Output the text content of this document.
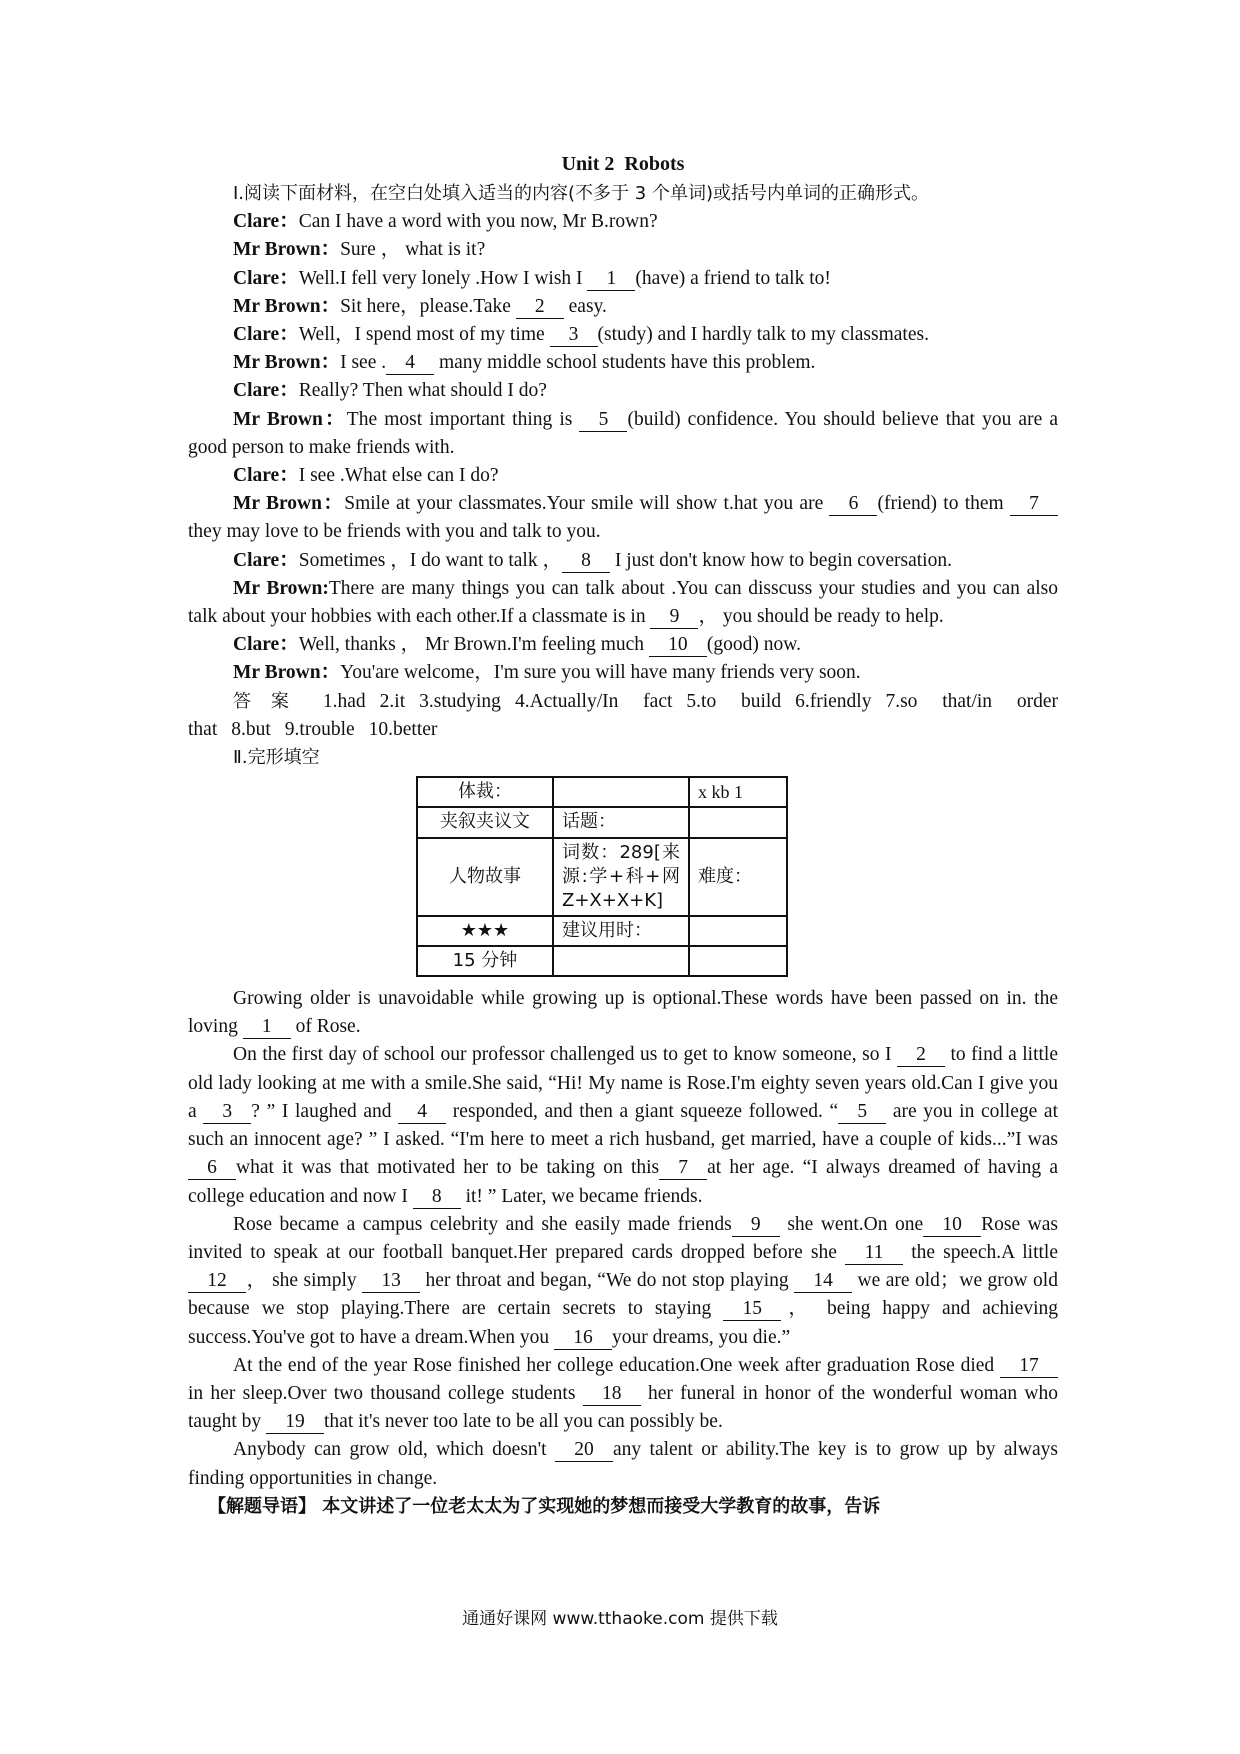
Unit 2 Robots

Ⅰ.阅读下面材料，在空白处填入适当的内容(不多于 3 个单词)或括号内单词的正确形式。

Clare：Can I have a word with you now, Mr B.rown?

Mr Brown：Sure ， what is it?

Clare：Well.I fell very lonely .How I wish I 1 (have) a friend to talk to!

Mr Brown：Sit here，please.Take 2 easy.

Clare：Well，I spend most of my time 3 (study) and I hardly talk to my classmates.

Mr Brown：I see . 4 many middle school students have this problem.

Clare：Really? Then what should I do?

Mr Brown：The most important thing is 5 (build) confidence. You should believe that you are a good person to make friends with.

Clare：I see .What else can I do?

Mr Brown：Smile at your classmates.Your smile will show t.hat you are 6 (friend) to them 7 they may love to be friends with you and talk to you.

Clare：Sometimes ，I do want to talk ， 8 I just don't know how to begin coversation.

Mr Brown:There are many things you can talk about .You can disscuss your studies and you can also talk about your hobbies with each other.If a classmate is in 9 ， you should be ready to help.

Clare：Well, thanks ， Mr Brown.I'm feeling much 10 (good) now.

Mr Brown：You'are welcome，I'm sure you will have many friends very soon.

答案 1.had 2.it 3.studying 4.Actually/In fact 5.to build 6.friendly 7.so that/in order that 8.but 9.trouble 10.better

Ⅱ.完形填空

体裁：		x kb 1
夹叙夹议文	话题：	
人物故事	词数：289[来源:学+科+网Z+X+X+K]	难度：
★★★	建议用时：	
15 分钟		

Growing older is unavoidable while growing up is optional.These words have been passed on in. the loving 1 of Rose.

On the first day of school our professor challenged us to get to know someone, so I 2 to find a little old lady looking at me with a smile.She said, “Hi! My name is Rose.I'm eighty seven years old.Can I give you a 3 ? ” I laughed and 4 responded, and then a giant squeeze followed. “ 5 are you in college at such an innocent age? ” I asked. “I'm here to meet a rich husband, get married, have a couple of kids...”I was 6 what it was that motivated her to be taking on this 7 at her age. “I always dreamed of having a college education and now I 8 it! ” Later, we became friends.

Rose became a campus celebrity and she easily made friends 9 she went.On one 10 Rose was invited to speak at our football banquet.Her prepared cards dropped before she 11 the speech.A little 12 ， she simply 13 her throat and began, “We do not stop playing 14 we are old；we grow old because we stop playing.There are certain secrets to staying 15 ， being happy and achieving success.You've got to have a dream.When you 16 your dreams, you die.”

At the end of the year Rose finished her college education.One week after graduation Rose died 17 in her sleep.Over two thousand college students 18 her funeral in honor of the wonderful woman who taught by 19 that it's never too late to be all you can possibly be.

Anybody can grow old, which doesn't 20 any talent or ability.The key is to grow up by always finding opportunities in change.

【解题导语】 本文讲述了一位老太太为了实现她的梦想而接受大学教育的故事，告诉

通通好课网 www.tthaoke.com 提供下载
